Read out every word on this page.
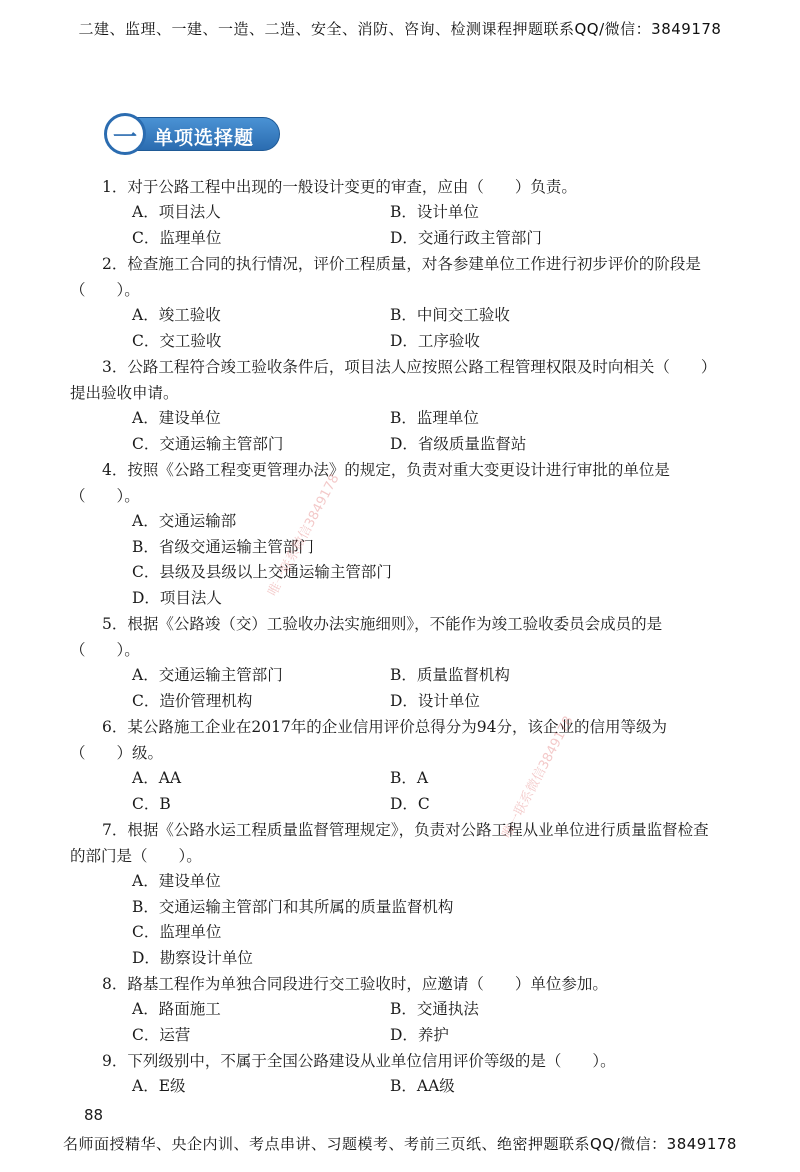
二建、监理、一建、一造、二造、安全、消防、咨询、检测课程押题联系QQ/微信：3849178
一 单项选择题
1．对于公路工程中出现的一般设计变更的审查，应由（　　）负责。
A．项目法人	B．设计单位
C．监理单位	D．交通行政主管部门
2．检查施工合同的执行情况，评价工程质量，对各参建单位工作进行初步评价的阶段是（　　）。
A．竣工验收	B．中间交工验收
C．交工验收	D．工序验收
3．公路工程符合竣工验收条件后，项目法人应按照公路工程管理权限及时向相关（　　）提出验收申请。
A．建设单位	B．监理单位
C．交通运输主管部门	D．省级质量监督站
4．按照《公路工程变更管理办法》的规定，负责对重大变更设计进行审批的单位是（　　）。
A．交通运输部
B．省级交通运输主管部门
C．县级及县级以上交通运输主管部门
D．项目法人
5．根据《公路竣（交）工验收办法实施细则》，不能作为竣工验收委员会成员的是（　　）。
A．交通运输主管部门	B．质量监督机构
C．造价管理机构	D．设计单位
6．某公路施工企业在2017年的企业信用评价总得分为94分，该企业的信用等级为（　　）级。
A．AA	B．A
C．B	D．C
7．根据《公路水运工程质量监督管理规定》，负责对公路工程从业单位进行质量监督检查的部门是（　　）。
A．建设单位
B．交通运输主管部门和其所属的质量监督机构
C．监理单位
D．勘察设计单位
8．路基工程作为单独合同段进行交工验收时，应邀请（　　）单位参加。
A．路面施工	B．交通执法
C．运营	D．养护
9．下列级别中，不属于全国公路建设从业单位信用评价等级的是（　　）。
A．E级	B．AA级
唯一联系微信3849178
唯一联系微信3849178
88
名师面授精华、央企内训、考点串讲、习题模考、考前三页纸、绝密押题联系QQ/微信：3849178
